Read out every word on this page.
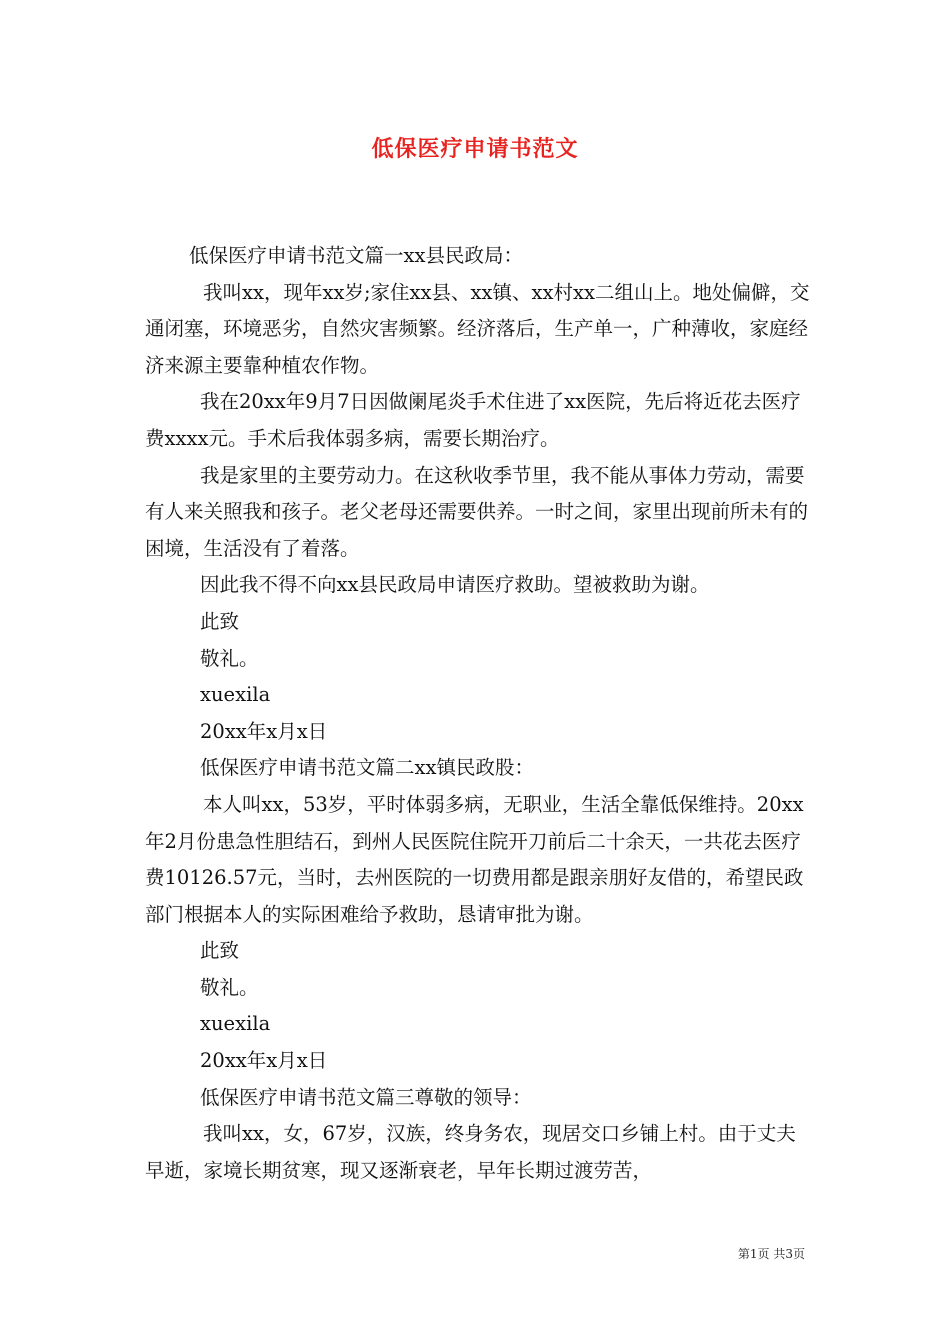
低保医疗申请书范文

低保医疗申请书范文篇一xx县民政局：

我叫xx，现年xx岁;家住xx县、xx镇、xx村xx二组山上。地处偏僻，交通闭塞，环境恶劣，自然灾害频繁。经济落后，生产单一，广种薄收，家庭经济来源主要靠种植农作物。

我在20xx年9月7日因做阑尾炎手术住进了xx医院，先后将近花去医疗费xxxx元。手术后我体弱多病，需要长期治疗。

我是家里的主要劳动力。在这秋收季节里，我不能从事体力劳动，需要有人来关照我和孩子。老父老母还需要供养。一时之间，家里出现前所未有的困境，生活没有了着落。

因此我不得不向xx县民政局申请医疗救助。望被救助为谢。

此致

敬礼。

xuexila

20xx年x月x日

低保医疗申请书范文篇二xx镇民政股：

本人叫xx，53岁，平时体弱多病，无职业，生活全靠低保维持。20xx年2月份患急性胆结石，到州人民医院住院开刀前后二十余天，一共花去医疗费10126.57元，当时，去州医院的一切费用都是跟亲朋好友借的，希望民政部门根据本人的实际困难给予救助，恳请审批为谢。

此致

敬礼。

xuexila

20xx年x月x日

低保医疗申请书范文篇三尊敬的领导：

我叫xx，女，67岁，汉族，终身务农，现居交口乡铺上村。由于丈夫早逝，家境长期贫寒，现又逐渐衰老，早年长期过渡劳苦，

第1页 共3页
